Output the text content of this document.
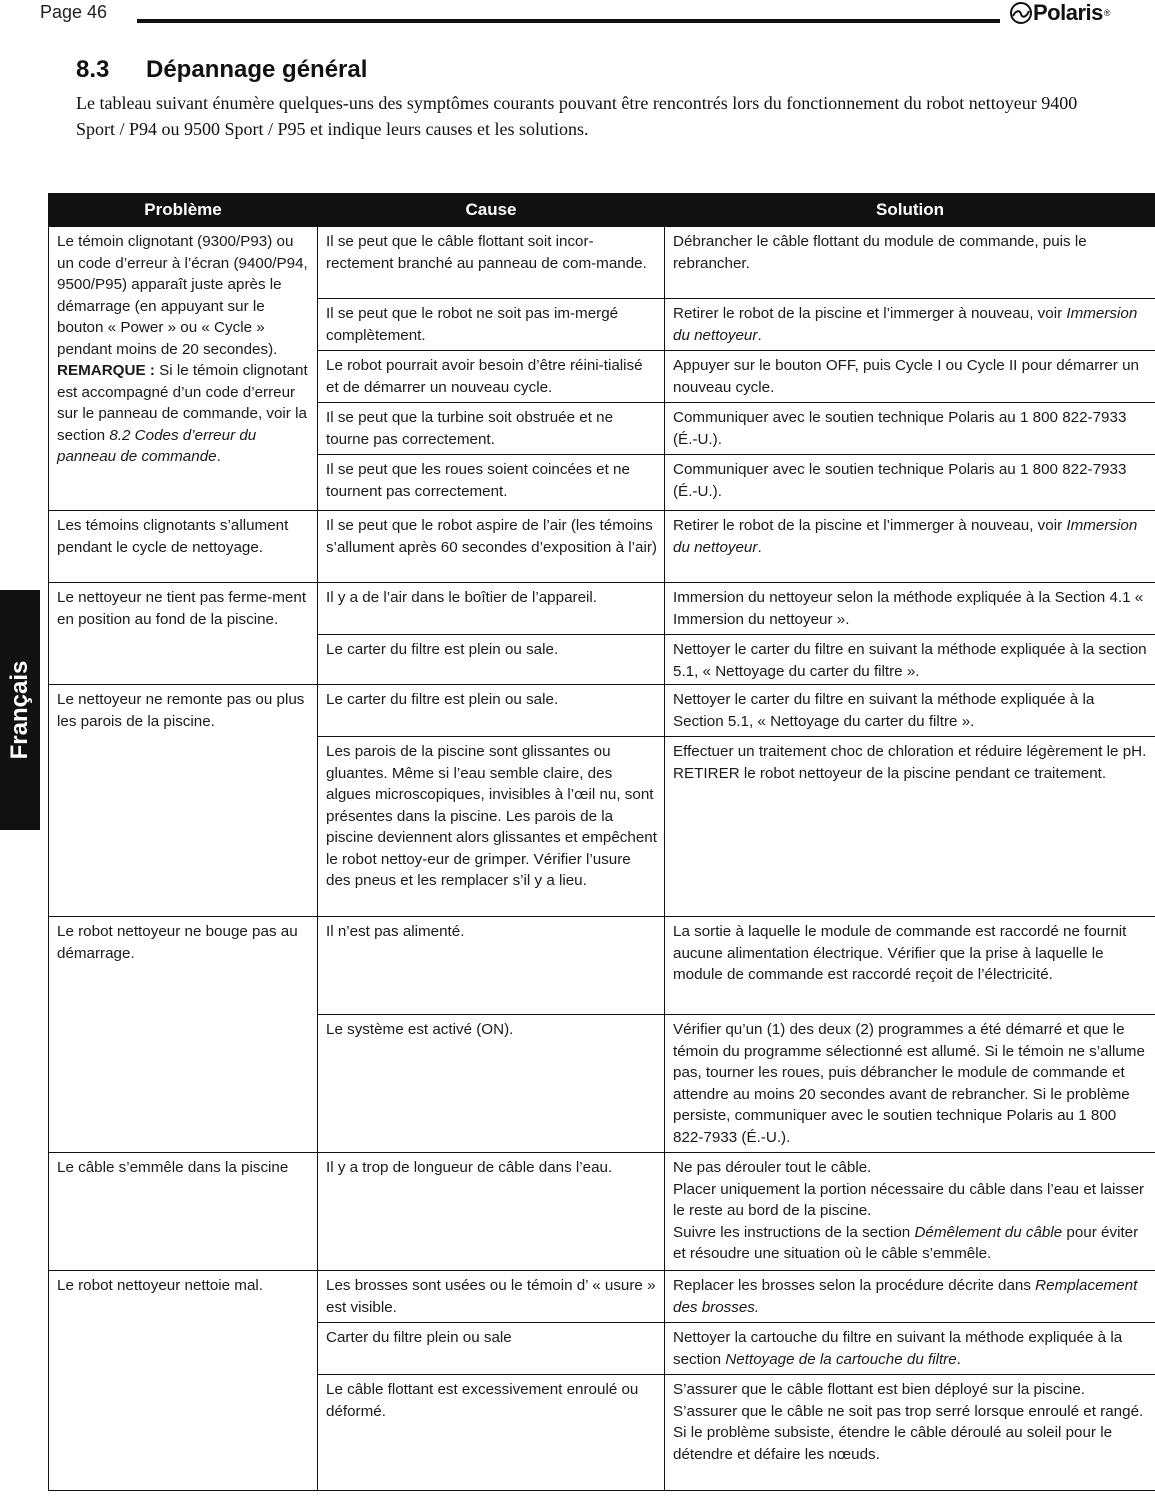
Page 46	Polaris ®
Français
8.3 Dépannage général
Le tableau suivant énumère quelques-uns des symptômes courants pouvant être rencontrés lors du fonctionnement du robot nettoyeur 9400 Sport / P94 ou 9500 Sport / P95 et indique leurs causes et les solutions.
Problème	Cause	Solution
Le témoin clignotant (9300/P93) ou un code d’erreur à l’écran (9400/P94, 9500/P95) apparaît juste après le démarrage (en appuyant sur le bouton « Power » ou « Cycle » pendant moins de 20 secondes).
REMARQUE : Si le témoin clignotant est accompagné d’un code d’erreur sur le panneau de commande, voir la section 8.2 Codes d’erreur du panneau de commande.	Il se peut que le câble flottant soit incor-rectement branché au panneau de com-mande.	Débrancher le câble flottant du module de commande, puis le rebrancher.
	Il se peut que le robot ne soit pas im-mergé complètement.	Retirer le robot de la piscine et l’immerger à nouveau, voir Immersion du nettoyeur.
	Le robot pourrait avoir besoin d’être réini-tialisé et de démarrer un nouveau cycle.	Appuyer sur le bouton OFF, puis Cycle I ou Cycle II pour démarrer un nouveau cycle.
	Il se peut que la turbine soit obstruée et ne tourne pas correctement.	Communiquer avec le soutien technique Polaris au 1 800 822-7933 (É.-U.).
	Il se peut que les roues soient coincées et ne tournent pas correctement.	Communiquer avec le soutien technique Polaris au 1 800 822-7933 (É.-U.).
Les témoins clignotants s’allument pendant le cycle de nettoyage.	Il se peut que le robot aspire de l’air (les témoins s’allument après 60 secondes d’exposition à l’air)	Retirer le robot de la piscine et l’immerger à nouveau, voir Immersion du nettoyeur.
Le nettoyeur ne tient pas ferme-ment en position au fond de la piscine.	Il y a de l’air dans le boîtier de l’appareil.	Immersion du nettoyeur selon la méthode expliquée à la Section 4.1 « Immersion du nettoyeur ».
	Le carter du filtre est plein ou sale.	Nettoyer le carter du filtre en suivant la méthode expliquée à la section 5.1, « Nettoyage du carter du filtre ».
Le nettoyeur ne remonte pas ou plus les parois de la piscine.	Le carter du filtre est plein ou sale.	Nettoyer le carter du filtre en suivant la méthode expliquée à la Section 5.1, « Nettoyage du carter du filtre ».
	Les parois de la piscine sont glissantes ou gluantes. Même si l’eau semble claire, des algues microscopiques, invisibles à l’œil nu, sont présentes dans la piscine. Les parois de la piscine deviennent alors glissantes et empêchent le robot nettoy-eur de grimper. Vérifier l’usure des pneus et les remplacer s’il y a lieu.	Effectuer un traitement choc de chloration et réduire légèrement le pH. RETIRER le robot nettoyeur de la piscine pendant ce traitement.
Le robot nettoyeur ne bouge pas au démarrage.	Il n’est pas alimenté.	La sortie à laquelle le module de commande est raccordé ne fournit aucune alimentation électrique. Vérifier que la prise à laquelle le module de commande est raccordé reçoit de l’électricité.
	Le système est activé (ON).	Vérifier qu’un (1) des deux (2) programmes a été démarré et que le témoin du programme sélectionné est allumé. Si le témoin ne s’allume pas, tourner les roues, puis débrancher le module de commande et attendre au moins 20 secondes avant de rebrancher. Si le problème persiste, communiquer avec le soutien technique Polaris au 1 800 822-7933 (É.-U.).
Le câble s’emmêle dans la piscine	Il y a trop de longueur de câble dans l’eau.	Ne pas dérouler tout le câble.
Placer uniquement la portion nécessaire du câble dans l’eau et laisser le reste au bord de la piscine.
Suivre les instructions de la section Démêlement du câble pour éviter et résoudre une situation où le câble s’emmêle.

Le robot nettoyeur nettoie mal.	Les brosses sont usées ou le témoin d’ « usure » est visible.	Replacer les brosses selon la procédure décrite dans Remplacement des brosses.
	Carter du filtre plein ou sale	Nettoyer la cartouche du filtre en suivant la méthode expliquée à la section Nettoyage de la cartouche du filtre.
	Le câble flottant est excessivement enroulé ou déformé.	S’assurer que le câble flottant est bien déployé sur la piscine. S’assurer que le câble ne soit pas trop serré lorsque enroulé et rangé. Si le problème subsiste, étendre le câble déroulé au soleil pour le détendre et défaire les nœuds.
